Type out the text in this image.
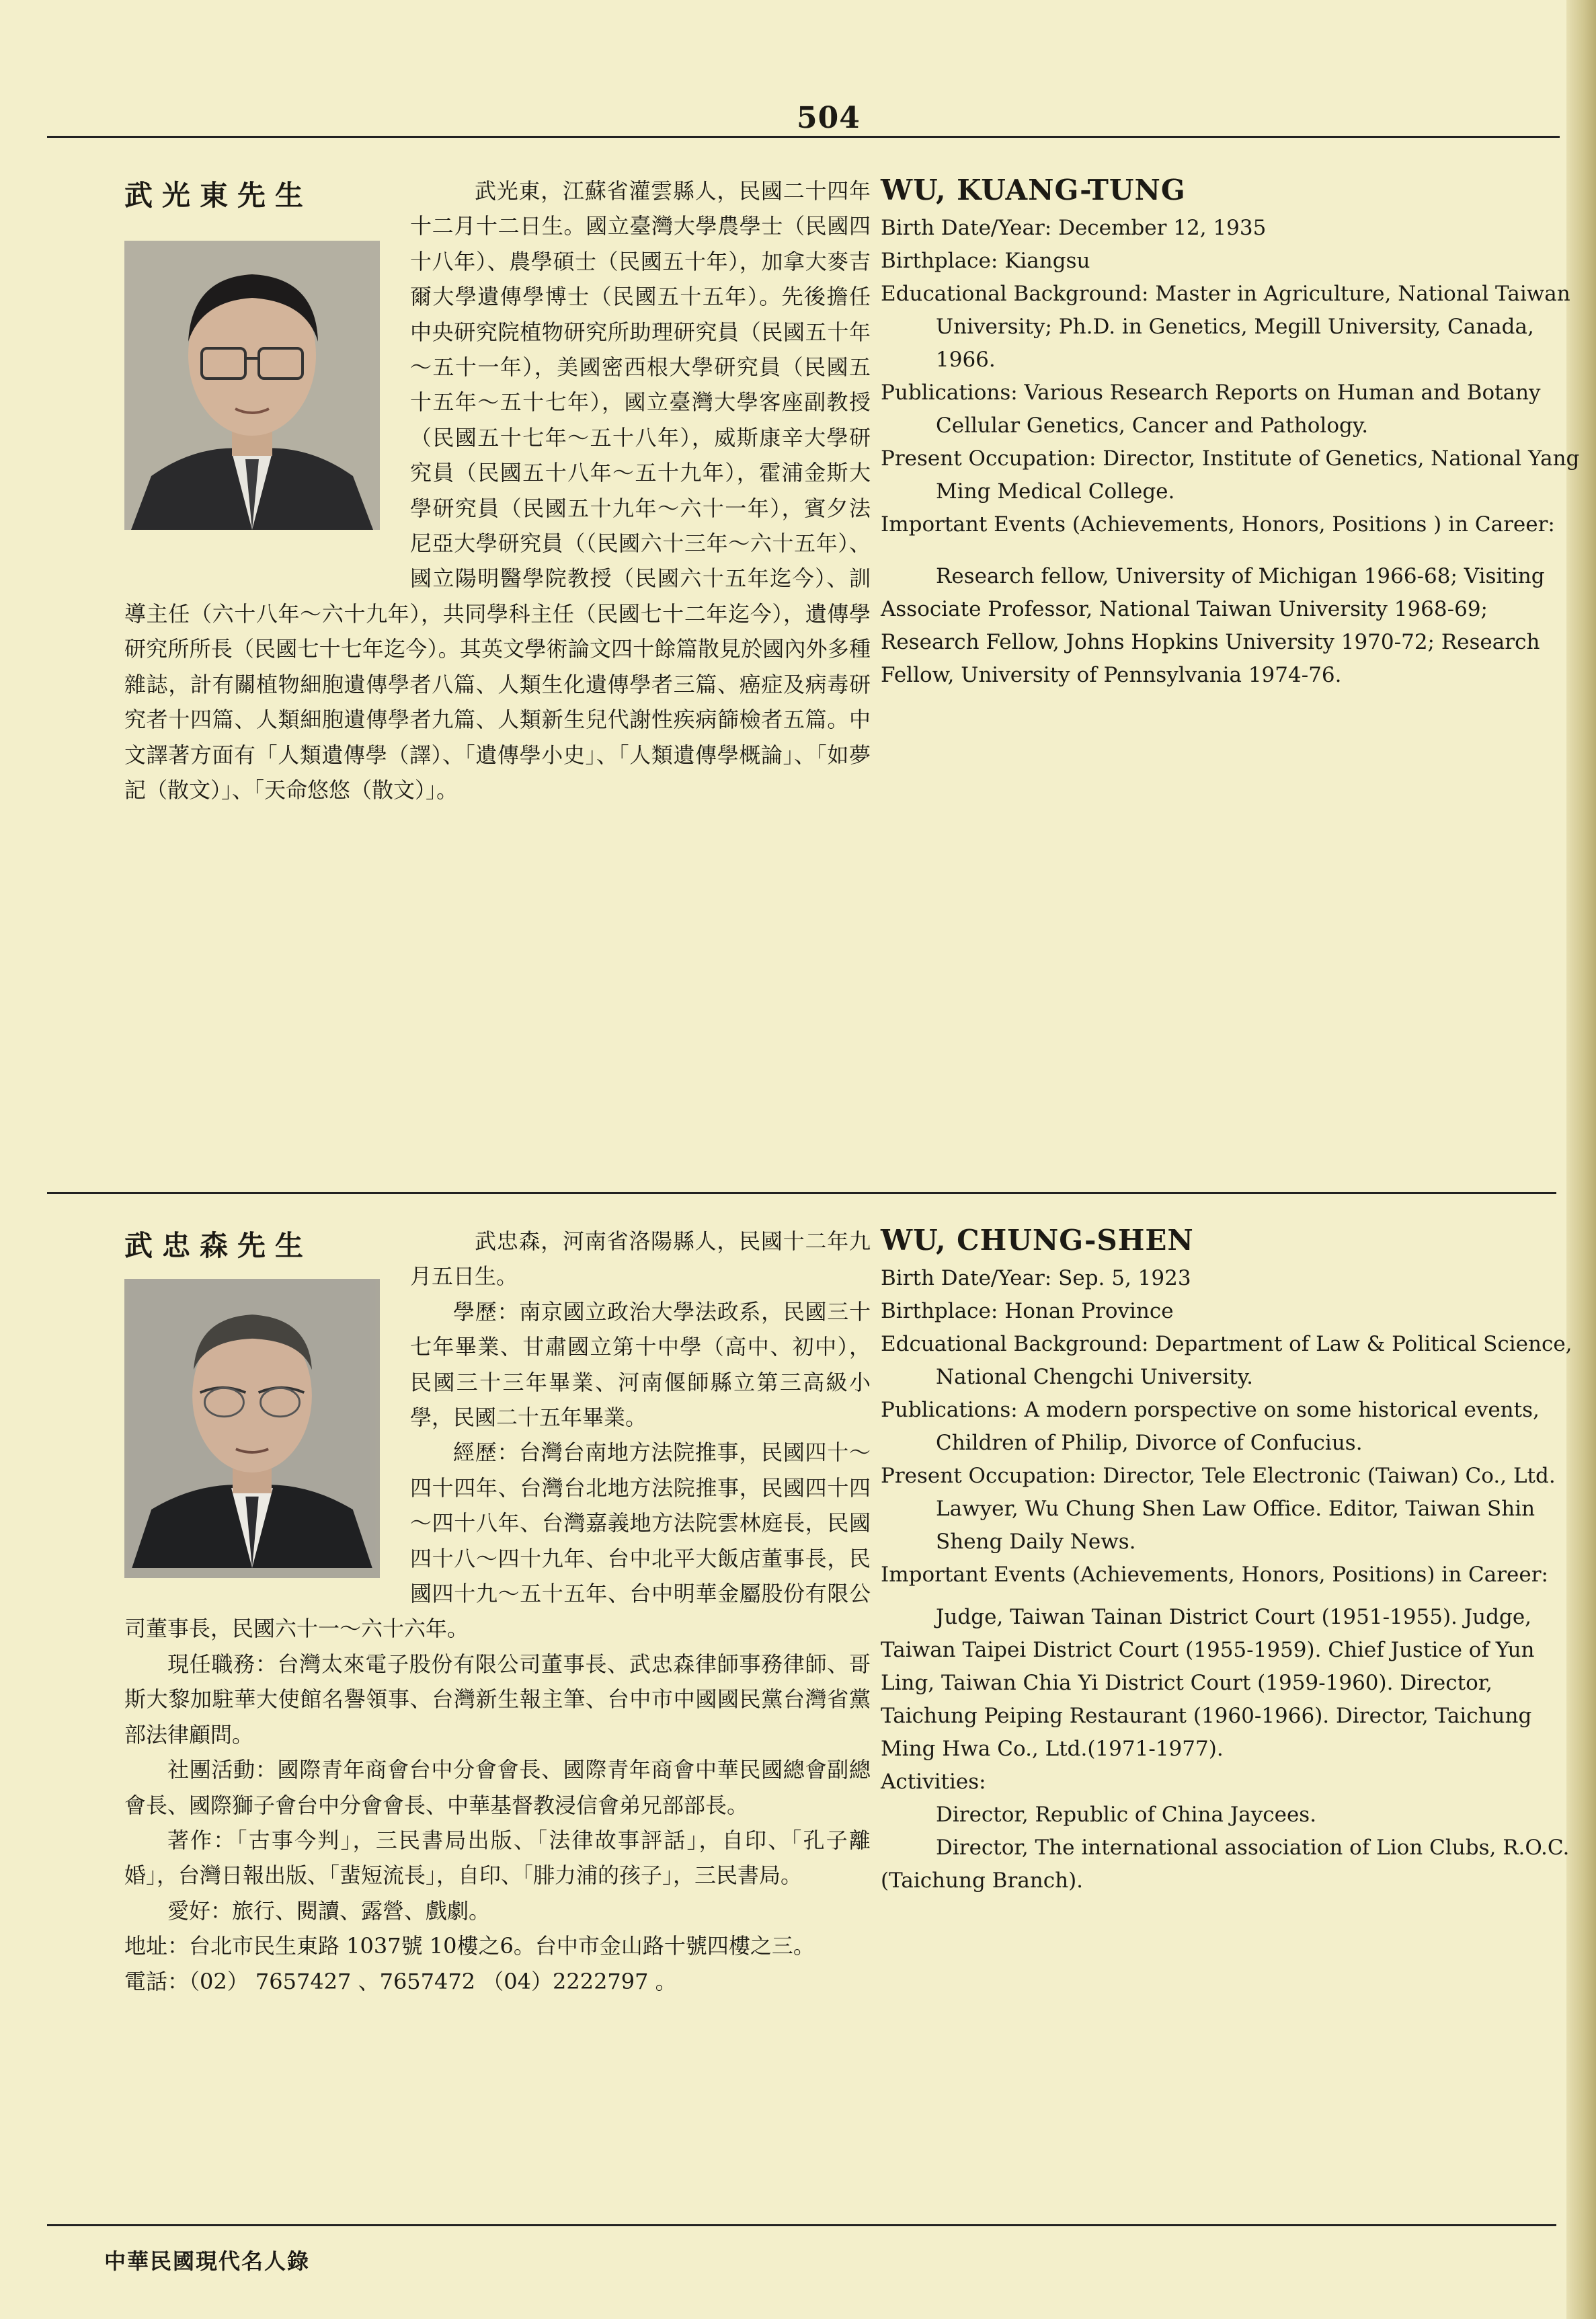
504

武光東，江蘇省灌雲縣人，民國二十四年十二月十二日生。國立臺灣大學農學士（民國四十八年）、農學碩士（民國五十年），加拿大麥吉爾大學遺傳學博士（民國五十五年）。先後擔任中央研究院植物研究所助理研究員（民國五十年～五十一年），美國密西根大學研究員（民國五十五年～五十七年），國立臺灣大學客座副教授（民國五十七年～五十八年），威斯康辛大學研究員（民國五十八年～五十九年），霍浦金斯大學研究員（民國五十九年～六十一年），賓夕法尼亞大學研究員（（民國六十三年～六十五年）、國立陽明醫學院教授（民國六十五年迄今）、訓導主任（六十八年～六十九年），共同學科主任（民國七十二年迄今），遺傳學研究所所長（民國七十七年迄今）。其英文學術論文四十餘篇散見於國內外多種雜誌，計有關植物細胞遺傳學者八篇、人類生化遺傳學者三篇、癌症及病毒研究者十四篇、人類細胞遺傳學者九篇、人類新生兒代謝性疾病篩檢者五篇。中文譯著方面有「人類遺傳學（譯）、「遺傳學小史」、「人類遺傳學概論」、「如夢記（散文）」、「天命悠悠（散文）」。

武光東先生	WU, KUANG-TUNG

Birth Date/Year: December 12, 1935

Birthplace: Kiangsu

Educational Background: Master in Agriculture, National Taiwan University; Ph.D. in Genetics, Megill University, Canada, 1966.

Publications: Various Research Reports on Human and Botany Cellular Genetics, Cancer and Pathology.

Present Occupation: Director, Institute of Genetics, National Yang Ming Medical College.

Important Events (Achievements, Honors, Positions ) in Career:

Research fellow, University of Michigan 1966-68; Visiting Associate Professor, National Taiwan University 1968-69; Research Fellow, Johns Hopkins University 1970-72; Research Fellow, University of Pennsylvania 1974-76.

武忠森，河南省洛陽縣人，民國十二年九月五日生。

學歷：南京國立政治大學法政系，民國三十七年畢業、甘肅國立第十中學（高中、初中），民國三十三年畢業、河南偃師縣立第三高級小學，民國二十五年畢業。

經歷：台灣台南地方法院推事，民國四十～四十四年、台灣台北地方法院推事，民國四十四～四十八年、台灣嘉義地方法院雲林庭長，民國四十八～四十九年、台中北平大飯店董事長，民國四十九～五十五年、台中明華金屬股份有限公司董事長，民國六十一～六十六年。

現任職務：台灣太來電子股份有限公司董事長、武忠森律師事務律師、哥斯大黎加駐華大使館名譽領事、台灣新生報主筆、台中市中國國民黨台灣省黨部法律顧問。

社團活動：國際青年商會台中分會會長、國際青年商會中華民國總會副總會長、國際獅子會台中分會會長、中華基督教浸信會弟兄部部長。

著作：「古事今判」，三民書局出版、「法律故事評話」，自印、「孔子離婚」，台灣日報出版、「蜚短流長」，自印、「腓力浦的孩子」，三民書局。

愛好：旅行、閱讀、露營、戲劇。

地址：台北市民生東路 1037號 10樓之6。台中市金山路十號四樓之三。

電話：（02） 7657427 、7657472 （04）2222797 。

武忠森先生	WU, CHUNG-SHEN

Birth Date/Year: Sep. 5, 1923

Birthplace: Honan Province

Edcuational Background: Department of Law & Political Science, National Chengchi University.

Publications: A modern porspective on some historical events, Children of Philip, Divorce of Confucius.

Present Occupation: Director, Tele Electronic (Taiwan) Co., Ltd. Lawyer, Wu Chung Shen Law Office. Editor, Taiwan Shin Sheng Daily News.

Important Events (Achievements, Honors, Positions) in Career:

Judge, Taiwan Tainan District Court (1951-1955). Judge, Taiwan Taipei District Court (1955-1959). Chief Justice of Yun Ling, Taiwan Chia Yi District Court (1959-1960). Director, Taichung Peiping Restaurant (1960-1966). Director, Taichung Ming Hwa Co., Ltd.(1971-1977).

Activities:

Director, Republic of China Jaycees.

Director, The international association of Lion Clubs, R.O.C.(Taichung Branch).

中華民國現代名人錄
